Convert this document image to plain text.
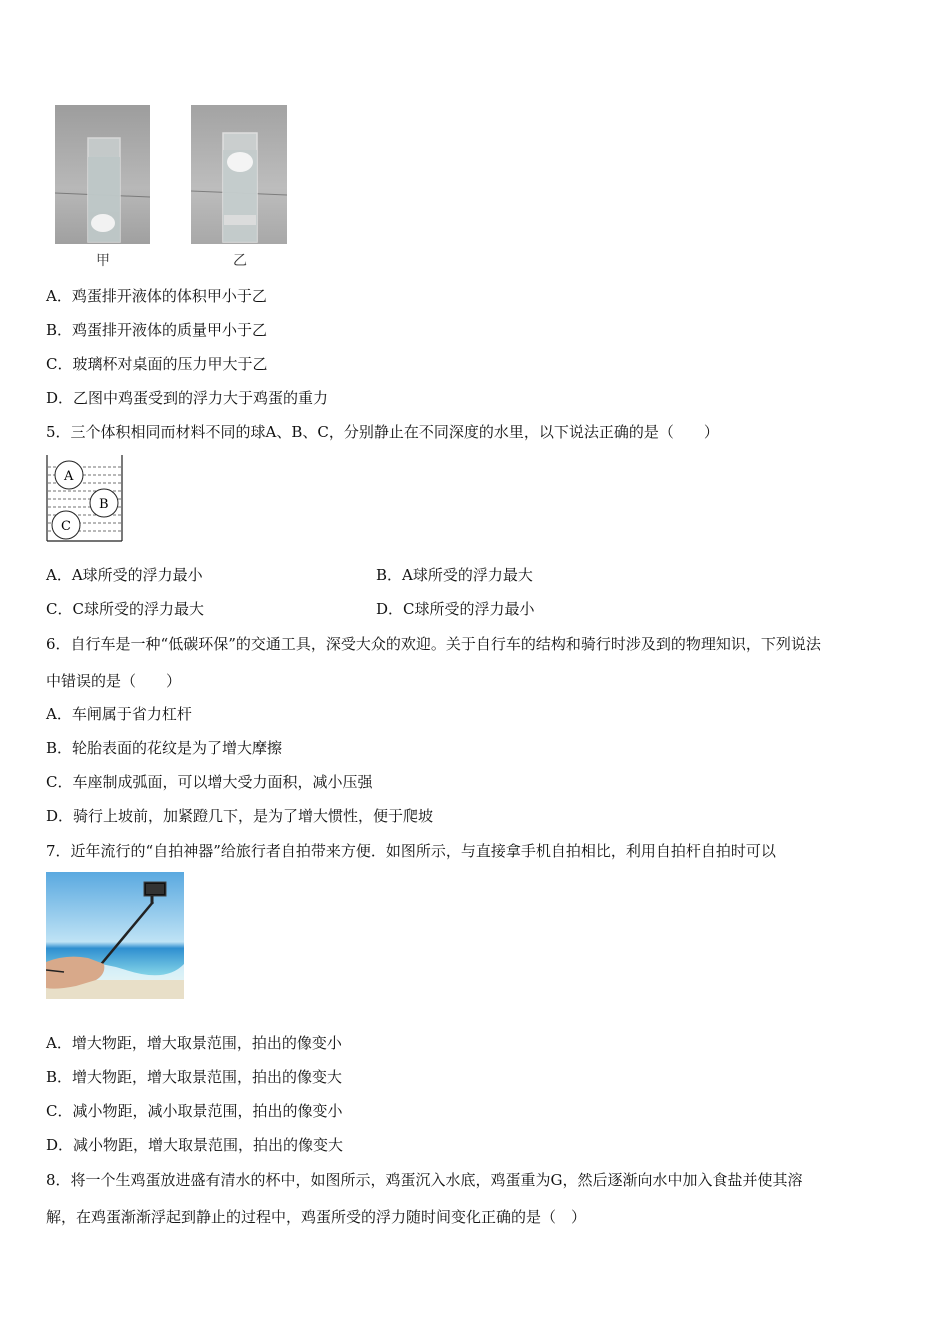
甲	乙
A．鸡蛋排开液体的体积甲小于乙
B．鸡蛋排开液体的质量甲小于乙
C．玻璃杯对桌面的压力甲大于乙
D．乙图中鸡蛋受到的浮力大于鸡蛋的重力
5．三个体积相同而材料不同的球A、B、C，分别静止在不同深度的水里，以下说法正确的是（　　）
A
B
C
A．A球所受的浮力最小	B．A球所受的浮力最大
C．C球所受的浮力最大	D．C球所受的浮力最小
6．自行车是一种“低碳环保”的交通工具，深受大众的欢迎。关于自行车的结构和骑行时涉及到的物理知识，下列说法
中错误的是（　　）
A．车闸属于省力杠杆
B．轮胎表面的花纹是为了增大摩擦
C．车座制成弧面，可以增大受力面积，减小压强
D．骑行上坡前，加紧蹬几下，是为了增大惯性，便于爬坡
7．近年流行的“自拍神器”给旅行者自拍带来方便．如图所示，与直接拿手机自拍相比，利用自拍杆自拍时可以
A．增大物距，增大取景范围，拍出的像变小
B．增大物距，增大取景范围，拍出的像变大
C．减小物距，减小取景范围，拍出的像变小
D．减小物距，增大取景范围，拍出的像变大
8．将一个生鸡蛋放进盛有清水的杯中，如图所示，鸡蛋沉入水底，鸡蛋重为G，然后逐渐向水中加入食盐并使其溶
解，在鸡蛋渐渐浮起到静止的过程中，鸡蛋所受的浮力随时间变化正确的是（　）
